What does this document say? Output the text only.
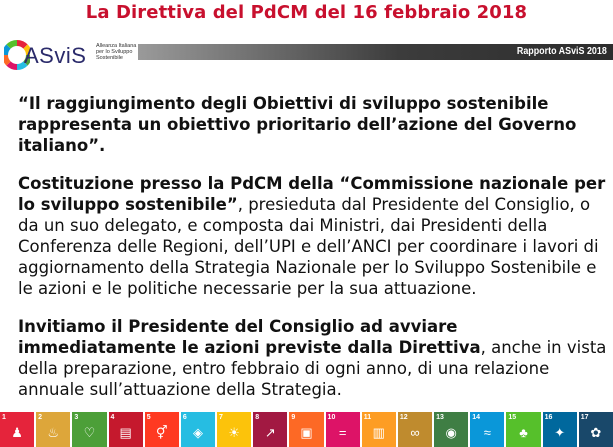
La Direttiva del PdCM del 16 febbraio 2018
ASviS Alleanza Italiana per lo Sviluppo Sostenibile
Rapporto ASviS 2018

“Il raggiungimento degli Obiettivi di sviluppo sostenibile rappresenta un obiettivo prioritario dell’azione del Governo italiano”.

Costituzione presso la PdCM della “Commissione nazionale per lo sviluppo sostenibile”, presieduta dal Presidente del Consiglio, o da un suo delegato, e composta dai Ministri, dai Presidenti della Conferenza delle Regioni, dell’UPI e dell’ANCI per coordinare i lavori di aggiornamento della Strategia Nazionale per lo Sviluppo Sostenibile e le azioni e le politiche necessarie per la sua attuazione.

Invitiamo il Presidente del Consiglio ad avviare immediatamente le azioni previste dalla Direttiva, anche in vista della preparazione, entro febbraio di ogni anno, di una relazione annuale sull’attuazione della Strategia.

1
♟
2
♨
3
♡
4
▤
5
⚥
6
◈
7
☀
8
↗
9
▣
10
=
11
▥
12
∞
13
◉
14
≈
15
♣
16
✦
17
✿
